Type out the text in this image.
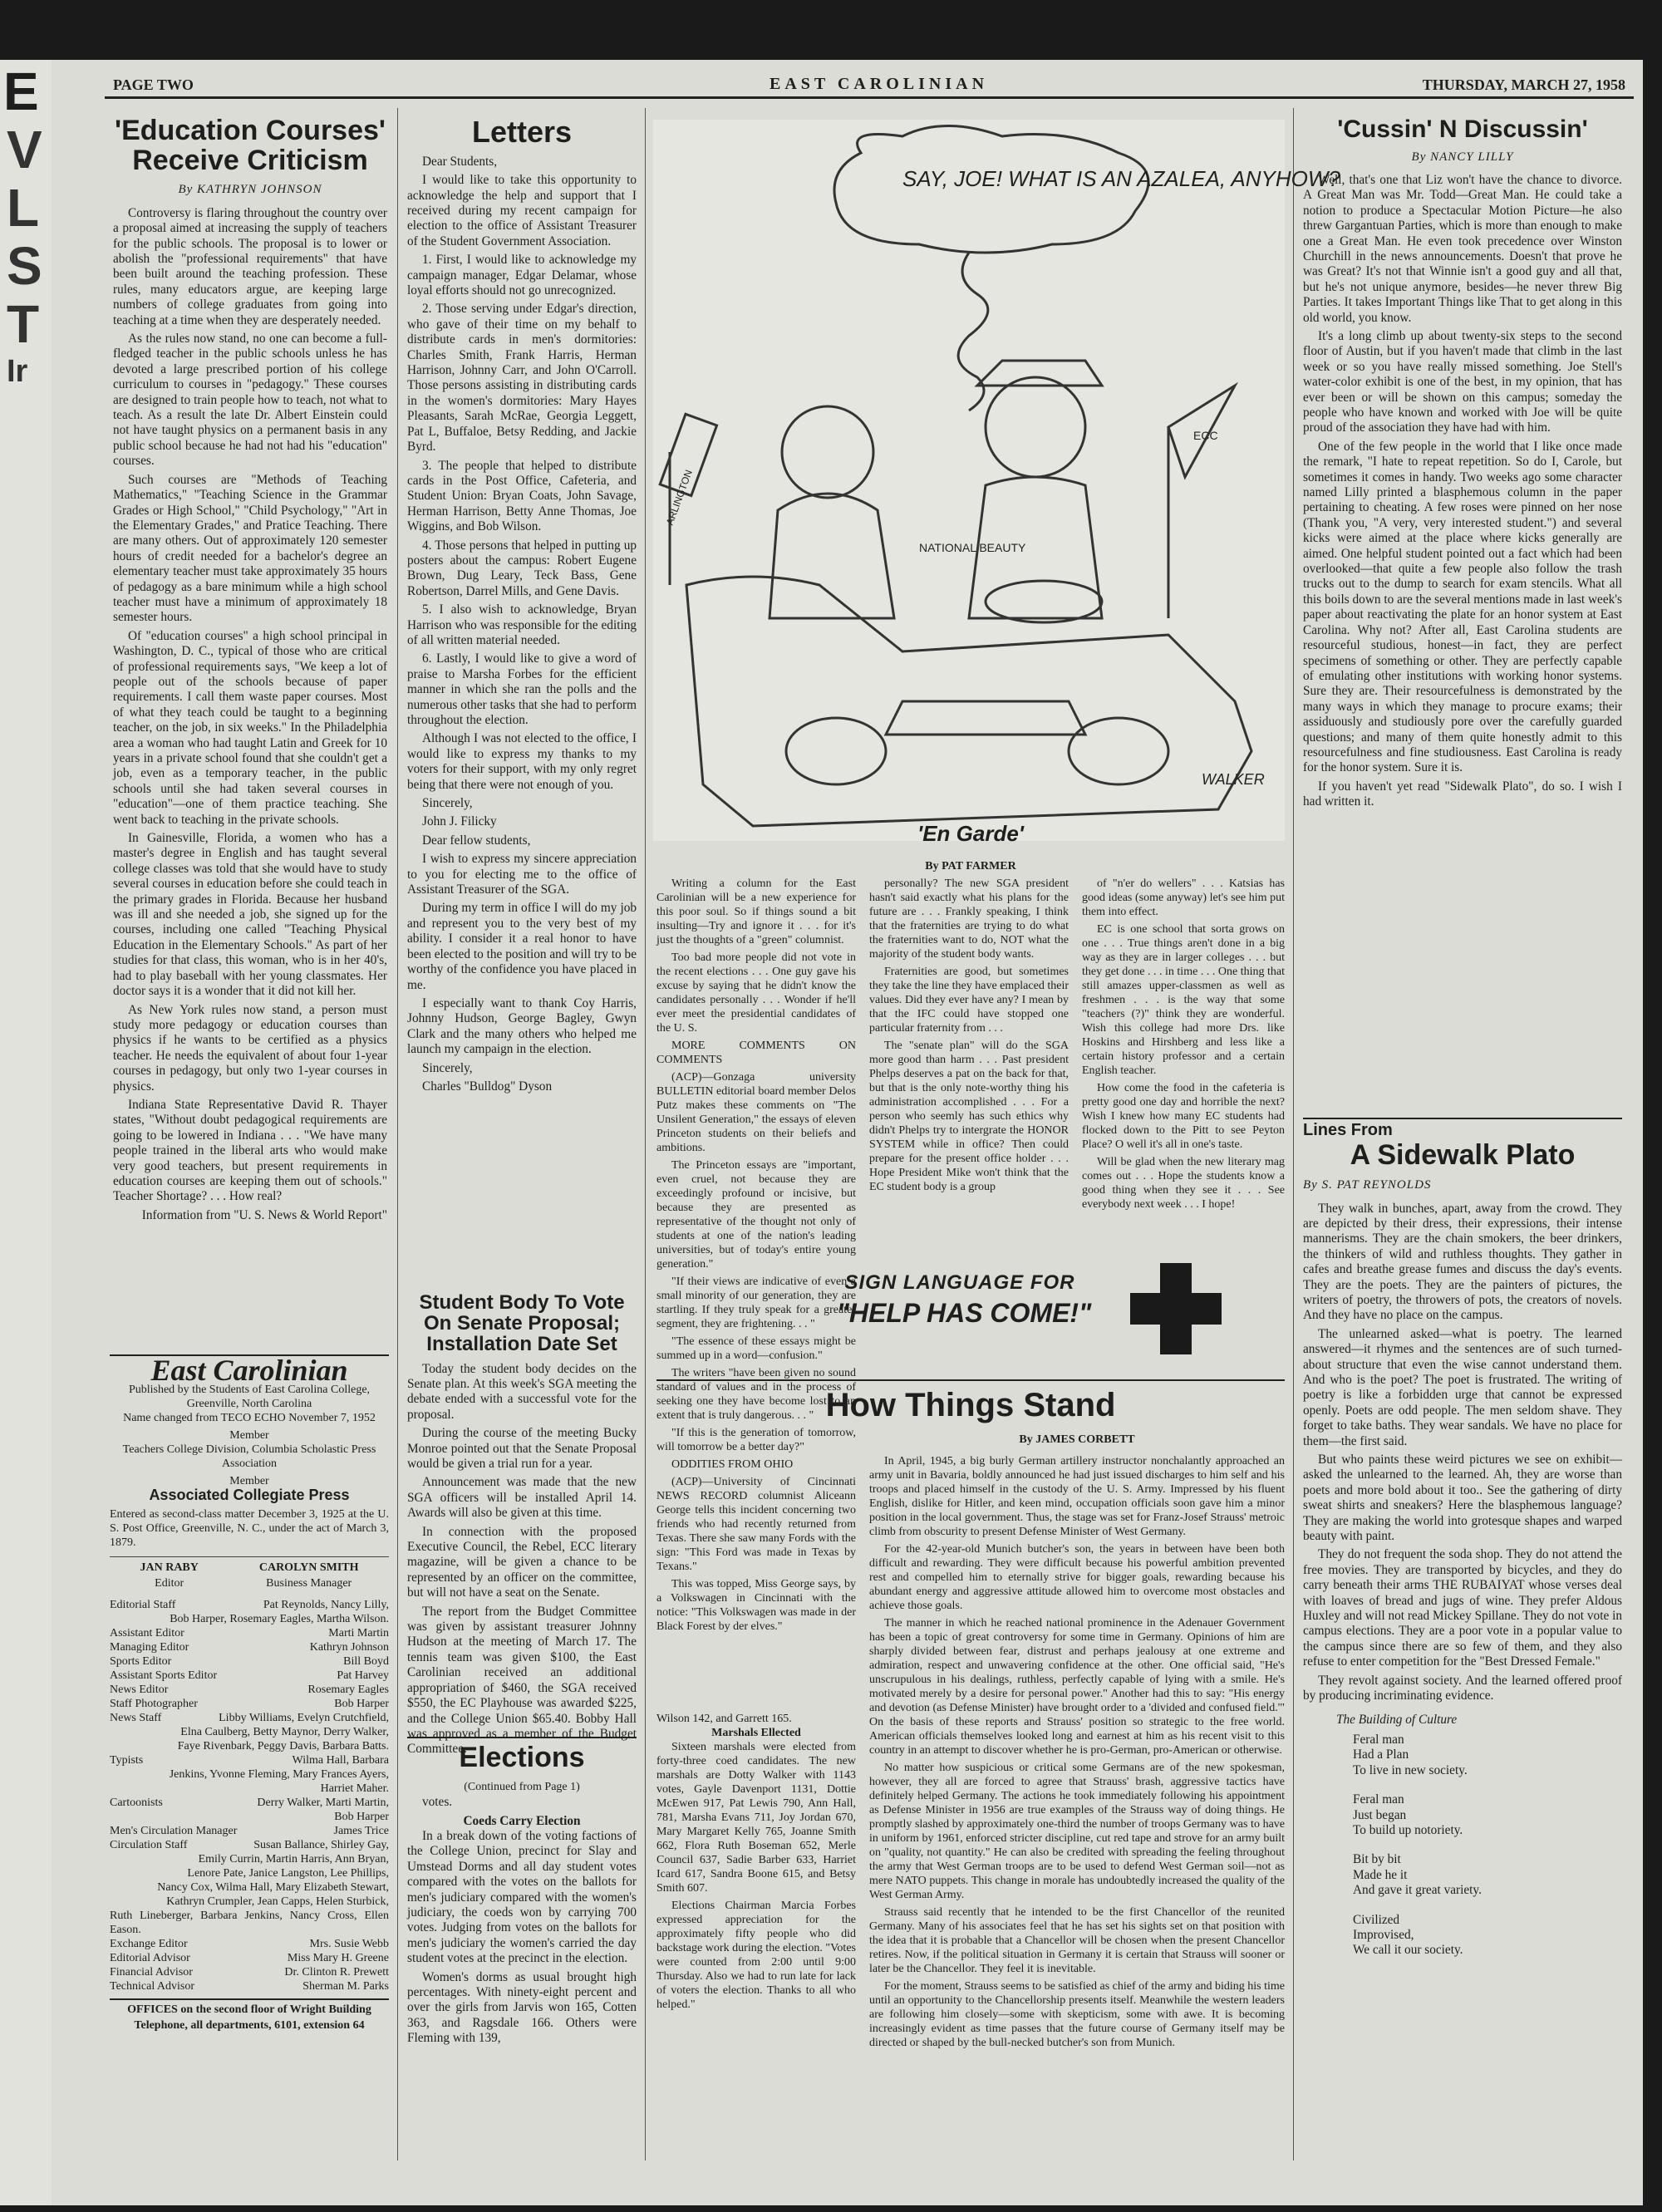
E
V
L
S
T
Ir
PAGE TWO	EAST CAROLINIAN	THURSDAY, MARCH 27, 1958
'Education Courses' Receive Criticism
By KATHRYN JOHNSON

Controversy is flaring throughout the country over a proposal aimed at increasing the supply of teachers for the public schools. The proposal is to lower or abolish the "professional requirements" that have been built around the teaching profession. These rules, many educators argue, are keeping large numbers of college graduates from going into teaching at a time when they are desperately needed.

As the rules now stand, no one can become a full-fledged teacher in the public schools unless he has devoted a large prescribed portion of his college curriculum to courses in "pedagogy." These courses are designed to train people how to teach, not what to teach. As a result the late Dr. Albert Einstein could not have taught physics on a permanent basis in any public school because he had not had his "education" courses.

Such courses are "Methods of Teaching Mathematics," "Teaching Science in the Grammar Grades or High School," "Child Psychology," "Art in the Elementary Grades," and Pratice Teaching. There are many others. Out of approximately 120 semester hours of credit needed for a bachelor's degree an elementary teacher must take approximately 35 hours of pedagogy as a bare minimum while a high school teacher must have a minimum of approximately 18 semester hours.

Of "education courses" a high school principal in Washington, D. C., typical of those who are critical of professional requirements says, "We keep a lot of people out of the schools because of paper requirements. I call them waste paper courses. Most of what they teach could be taught to a beginning teacher, on the job, in six weeks." In the Philadelphia area a woman who had taught Latin and Greek for 10 years in a private school found that she couldn't get a job, even as a temporary teacher, in the public schools until she had taken several courses in "education"—one of them practice teaching. She went back to teaching in the private schools.

In Gainesville, Florida, a women who has a master's degree in English and has taught several college classes was told that she would have to study several courses in education before she could teach in the primary grades in Florida. Because her husband was ill and she needed a job, she signed up for the courses, including one called "Teaching Physical Education in the Elementary Schools." As part of her studies for that class, this woman, who is in her 40's, had to play baseball with her young classmates. Her doctor says it is a wonder that it did not kill her.

As New York rules now stand, a person must study more pedagogy or education courses than physics if he wants to be certified as a physics teacher. He needs the equivalent of about four 1-year courses in pedagogy, but only two 1-year courses in physics.

Indiana State Representative David R. Thayer states, "Without doubt pedagogical requirements are going to be lowered in Indiana . . . "We have many people trained in the liberal arts who would make very good teachers, but present requirements in education courses are keeping them out of schools." Teacher Shortage? . . . How real?

Information from "U. S. News & World Report"

East Carolinian
Published by the Students of East Carolina College,
Greenville, North Carolina
Name changed from TECO ECHO November 7, 1952
Member
Teachers College Division, Columbia Scholastic Press Association
Member
Associated Collegiate Press
Entered as second-class matter December 3, 1925 at the U. S. Post Office, Greenville, N. C., under the act of March 3, 1879.
JAN RABY
Editor
CAROLYN SMITH
Business Manager
Editorial Staff	Pat Reynolds, Nancy Lilly,
Bob Harper, Rosemary Eagles, Martha Wilson.
Assistant Editor	Marti Martin
Managing Editor	Kathryn Johnson
Sports Editor	Bill Boyd
Assistant Sports Editor	Pat Harvey
News Editor	Rosemary Eagles
Staff Photographer	Bob Harper
News Staff	Libby Williams, Evelyn Crutchfield,
Elna Caulberg, Betty Maynor, Derry Walker,
Faye Rivenbark, Peggy Davis, Barbara Batts.
Typists	Wilma Hall, Barbara
Jenkins, Yvonne Fleming, Mary Frances Ayers,
Harriet Maher.
Cartoonists	Derry Walker, Marti Martin,
Bob Harper
Men's Circulation Manager	James Trice
Circulation Staff	Susan Ballance, Shirley Gay,
Emily Currin, Martin Harris, Ann Bryan,
Lenore Pate, Janice Langston, Lee Phillips,
Nancy Cox, Wilma Hall, Mary Elizabeth Stewart,
Kathryn Crumpler, Jean Capps, Helen Sturbick,
Ruth Lineberger, Barbara Jenkins, Nancy Cross, Ellen Eason.
Exchange Editor	Mrs. Susie Webb
Editorial Advisor	Miss Mary H. Greene
Financial Advisor	Dr. Clinton R. Prewett
Technical Advisor	Sherman M. Parks
OFFICES on the second floor of Wright Building Telephone, all departments, 6101, extension 64
Letters

Dear Students,

I would like to take this opportunity to acknowledge the help and support that I received during my recent campaign for election to the office of Assistant Treasurer of the Student Government Association.

1. First, I would like to acknowledge my campaign manager, Edgar Delamar, whose loyal efforts should not go unrecognized.

2. Those serving under Edgar's direction, who gave of their time on my behalf to distribute cards in men's dormitories: Charles Smith, Frank Harris, Herman Harrison, Johnny Carr, and John O'Carroll. Those persons assisting in distributing cards in the women's dormitories: Mary Hayes Pleasants, Sarah McRae, Georgia Leggett, Pat L, Buffaloe, Betsy Redding, and Jackie Byrd.

3. The people that helped to distribute cards in the Post Office, Cafeteria, and Student Union: Bryan Coats, John Savage, Herman Harrison, Betty Anne Thomas, Joe Wiggins, and Bob Wilson.

4. Those persons that helped in putting up posters about the campus: Robert Eugene Brown, Dug Leary, Teck Bass, Gene Robertson, Darrel Mills, and Gene Davis.

5. I also wish to acknowledge, Bryan Harrison who was responsible for the editing of all written material needed.

6. Lastly, I would like to give a word of praise to Marsha Forbes for the efficient manner in which she ran the polls and the numerous other tasks that she had to perform throughout the election.

Although I was not elected to the office, I would like to express my thanks to my voters for their support, with my only regret being that there were not enough of you.

Sincerely,

John J. Filicky

Dear fellow students,

I wish to express my sincere appreciation to you for electing me to the office of Assistant Treasurer of the SGA.

During my term in office I will do my job and represent you to the very best of my ability. I consider it a real honor to have been elected to the position and will try to be worthy of the confidence you have placed in me.

I especially want to thank Coy Harris, Johnny Hudson, George Bagley, Gwyn Clark and the many others who helped me launch my campaign in the election.

Sincerely,

Charles "Bulldog" Dyson

Student Body To Vote On Senate Proposal; Installation Date Set

Today the student body decides on the Senate plan. At this week's SGA meeting the debate ended with a successful vote for the proposal.

During the course of the meeting Bucky Monroe pointed out that the Senate Proposal would be given a trial run for a year.

Announcement was made that the new SGA officers will be installed April 14. Awards will also be given at this time.

In connection with the proposed Executive Council, the Rebel, ECC literary magazine, will be given a chance to be represented by an officer on the committee, but will not have a seat on the Senate.

The report from the Budget Committee was given by assistant treasurer Johnny Hudson at the meeting of March 17. The tennis team was given $100, the East Carolinian received an additional appropriation of $460, the SGA received $550, the EC Playhouse was awarded $225, and the College Union $65.40. Bobby Hall was approved as a member of the Budget Committee.

Elections
(Continued from Page 1)

votes.

Coeds Carry Election

In a break down of the voting factions of the College Union, precinct for Slay and Umstead Dorms and all day student votes compared with the votes on the ballots for men's judiciary compared with the women's judiciary, the coeds won by carrying 700 votes. Judging from votes on the ballots for men's judiciary the women's carried the day student votes at the precinct in the election.

Women's dorms as usual brought high percentages. With ninety-eight percent and over the girls from Jarvis won 165, Cotten 363, and Ragsdale 166. Others were Fleming with 139,

SAY, JOE! WHAT IS AN AZALEA, ANYHOW?
NATIONAL BEAUTY
ECC
ARLINGTON
WALKER
'En Garde'
By PAT FARMER

Writing a column for the East Carolinian will be a new experience for this poor soul. So if things sound a bit insulting—Try and ignore it . . . for it's just the thoughts of a "green" columnist.

Too bad more people did not vote in the recent elections . . . One guy gave his excuse by saying that he didn't know the candidates personally . . . Wonder if he'll ever meet the presidential candidates of the U. S.

MORE COMMENTS ON COMMENTS

(ACP)—Gonzaga university BULLETIN editorial board member Delos Putz makes these comments on "The Unsilent Generation," the essays of eleven Princeton students on their beliefs and ambitions.

The Princeton essays are "important, even cruel, not because they are exceedingly profound or incisive, but because they are presented as representative of the thought not only of students at one of the nation's leading universities, but of today's entire young generation."

"If their views are indicative of even a small minority of our generation, they are startling. If they truly speak for a greater segment, they are frightening. . . "

"The essence of these essays might be summed up in a word—confusion."

The writers "have been given no sound standard of values and in the process of seeking one they have become lost to an extent that is truly dangerous. . . "

"If this is the generation of tomorrow, will tomorrow be a better day?"

ODDITIES FROM OHIO

(ACP)—University of Cincinnati NEWS RECORD columnist Aliceann George tells this incident concerning two friends who had recently returned from Texas. There she saw many Fords with the sign: "This Ford was made in Texas by Texans."

This was topped, Miss George says, by a Volkswagen in Cincinnati with the notice: "This Volkswagen was made in der Black Forest by der elves."

personally? The new SGA president hasn't said exactly what his plans for the future are . . . Frankly speaking, I think that the fraternities are trying to do what the fraternities want to do, NOT what the majority of the student body wants.

Fraternities are good, but sometimes they take the line they have emplaced their values. Did they ever have any? I mean by that the IFC could have stopped one particular fraternity from . . .

The "senate plan" will do the SGA more good than harm . . . Past president Phelps deserves a pat on the back for that, but that is the only note-worthy thing his administration accomplished . . . For a person who seemly has such ethics why didn't Phelps try to intergrate the HONOR SYSTEM while in office? Then could prepare for the present office holder . . . Hope President Mike won't think that the EC student body is a group

of "n'er do wellers" . . . Katsias has good ideas (some anyway) let's see him put them into effect.

EC is one school that sorta grows on one . . . True things aren't done in a big way as they are in larger colleges . . . but they get done . . . in time . . . One thing that still amazes upper-classmen as well as freshmen . . . is the way that some "teachers (?)" think they are wonderful. Wish this college had more Drs. like Hoskins and Hirshberg and less like a certain history professor and a certain English teacher.

How come the food in the cafeteria is pretty good one day and horrible the next? Wish I knew how many EC students had flocked down to the Pitt to see Peyton Place? O well it's all in one's taste.

Will be glad when the new literary mag comes out . . . Hope the students know a good thing when they see it . . . See everybody next week . . . I hope!

Wilson 142, and Garrett 165.
Marshals Ellected

Sixteen marshals were elected from forty-three coed candidates. The new marshals are Dotty Walker with 1143 votes, Gayle Davenport 1131, Dottie McEwen 917, Pat Lewis 790, Ann Hall, 781, Marsha Evans 711, Joy Jordan 670, Mary Margaret Kelly 765, Joanne Smith 662, Flora Ruth Boseman 652, Merle Council 637, Sadie Barber 633, Harriet Icard 617, Sandra Boone 615, and Betsy Smith 607.

Elections Chairman Marcia Forbes expressed appreciation for the approximately fifty people who did backstage work during the election. "Votes were counted from 2:00 until 9:00 Thursday. Also we had to run late for lack of voters the election. Thanks to all who helped."

SIGN LANGUAGE FOR
"HELP HAS COME!"
How Things Stand
By JAMES CORBETT

In April, 1945, a big burly German artillery instructor nonchalantly approached an army unit in Bavaria, boldly announced he had just issued discharges to him self and his troops and placed himself in the custody of the U. S. Army. Impressed by his fluent English, dislike for Hitler, and keen mind, occupation officials soon gave him a minor position in the local government. Thus, the stage was set for Franz-Josef Strauss' metroic climb from obscurity to present Defense Minister of West Germany.

For the 42-year-old Munich butcher's son, the years in between have been both difficult and rewarding. They were difficult because his powerful ambition prevented rest and compelled him to eternally strive for bigger goals, rewarding because his abundant energy and aggressive attitude allowed him to overcome most obstacles and achieve those goals.

The manner in which he reached national prominence in the Adenauer Government has been a topic of great controversy for some time in Germany. Opinions of him are sharply divided between fear, distrust and perhaps jealousy at one extreme and admiration, respect and unwavering confidence at the other. One official said, "He's unscrupulous in his dealings, ruthless, perfectly capable of lying with a smile. He's motivated merely by a desire for personal power." Another had this to say: "His energy and devotion (as Defense Minister) have brought order to a 'divided and confused field.'" On the basis of these reports and Strauss' position so strategic to the free world. American officials themselves looked long and earnest at him as his recent visit to this country in an attempt to discover whether he is pro-German, pro-American or otherwise.

No matter how suspicious or critical some Germans are of the new spokesman, however, they all are forced to agree that Strauss' brash, aggressive tactics have definitely helped Germany. The actions he took immediately following his appointment as Defense Minister in 1956 are true examples of the Strauss way of doing things. He promptly slashed by approximately one-third the number of troops Germany was to have in uniform by 1961, enforced stricter discipline, cut red tape and strove for an army built on "quality, not quantity." He can also be credited with spreading the feeling throughout the army that West German troops are to be used to defend West German soil—not as mere NATO puppets. This change in morale has undoubtedly increased the quality of the West German Army.

Strauss said recently that he intended to be the first Chancellor of the reunited Germany. Many of his associates feel that he has set his sights set on that position with the idea that it is probable that a Chancellor will be chosen when the present Chancellor retires. Now, if the political situation in Germany it is certain that Strauss will sooner or later be the Chancellor. They feel it is inevitable.

For the moment, Strauss seems to be satisfied as chief of the army and biding his time until an opportunity to the Chancellorship presents itself. Meanwhile the western leaders are following him closely—some with skepticism, some with awe. It is becoming increasingly evident as time passes that the future course of Germany itself may be directed or shaped by the bull-necked butcher's son from Munich.

'Cussin' N Discussin'
By NANCY LILLY

Well, that's one that Liz won't have the chance to divorce. A Great Man was Mr. Todd—Great Man. He could take a notion to produce a Spectacular Motion Picture—he also threw Gargantuan Parties, which is more than enough to make one a Great Man. He even took precedence over Winston Churchill in the news announcements. Doesn't that prove he was Great? It's not that Winnie isn't a good guy and all that, but he's not unique anymore, besides—he never threw Big Parties. It takes Important Things like That to get along in this old world, you know.

It's a long climb up about twenty-six steps to the second floor of Austin, but if you haven't made that climb in the last week or so you have really missed something. Joe Stell's water-color exhibit is one of the best, in my opinion, that has ever been or will be shown on this campus; someday the people who have known and worked with Joe will be quite proud of the association they have had with him.

One of the few people in the world that I like once made the remark, "I hate to repeat repetition. So do I, Carole, but sometimes it comes in handy. Two weeks ago some character named Lilly printed a blasphemous column in the paper pertaining to cheating. A few roses were pinned on her nose (Thank you, "A very, very interested student.") and several kicks were aimed at the place where kicks generally are aimed. One helpful student pointed out a fact which had been overlooked—that quite a few people also follow the trash trucks out to the dump to search for exam stencils. What all this boils down to are the several mentions made in last week's paper about reactivating the plate for an honor system at East Carolina. Why not? After all, East Carolina students are resourceful studious, honest—in fact, they are perfect specimens of something or other. They are perfectly capable of emulating other institutions with working honor systems. Sure they are. Their resourcefulness is demonstrated by the many ways in which they manage to procure exams; their assiduously and studiously pore over the carefully guarded questions; and many of them quite honestly admit to this resourcefulness and fine studiousness. East Carolina is ready for the honor system. Sure it is.

If you haven't yet read "Sidewalk Plato", do so. I wish I had written it.

Lines From
A Sidewalk Plato
By S. PAT REYNOLDS

They walk in bunches, apart, away from the crowd. They are depicted by their dress, their expressions, their intense mannerisms. They are the chain smokers, the beer drinkers, the thinkers of wild and ruthless thoughts. They gather in cafes and breathe grease fumes and discuss the day's events. They are the poets. They are the painters of pictures, the writers of poetry, the throwers of pots, the creators of novels. And they have no place on the campus.

The unlearned asked—what is poetry. The learned answered—it rhymes and the sentences are of such turned-about structure that even the wise cannot understand them. And who is the poet? The poet is frustrated. The writing of poetry is like a forbidden urge that cannot be expressed openly. Poets are odd people. The men seldom shave. They forget to take baths. They wear sandals. We have no place for them—the first said.

But who paints these weird pictures we see on exhibit—asked the unlearned to the learned. Ah, they are worse than poets and more bold about it too.. See the gathering of dirty sweat shirts and sneakers? Here the blasphemous language? They are making the world into grotesque shapes and warped beauty with paint.

They do not frequent the soda shop. They do not attend the free movies. They are transported by bicycles, and they do carry beneath their arms THE RUBAIYAT whose verses deal with loaves of bread and jugs of wine. They prefer Aldous Huxley and will not read Mickey Spillane. They do not vote in campus elections. They are a poor vote in a popular value to the campus since there are so few of them, and they also refuse to enter competition for the "Best Dressed Female."

They revolt against society. And the learned offered proof by producing incriminating evidence.

The Building of Culture
Feral man
Had a Plan
To live in new society.
Feral man
Just began
To build up notoriety.
Bit by bit
Made he it
And gave it great variety.
Civilized
Improvised,
We call it our society.
